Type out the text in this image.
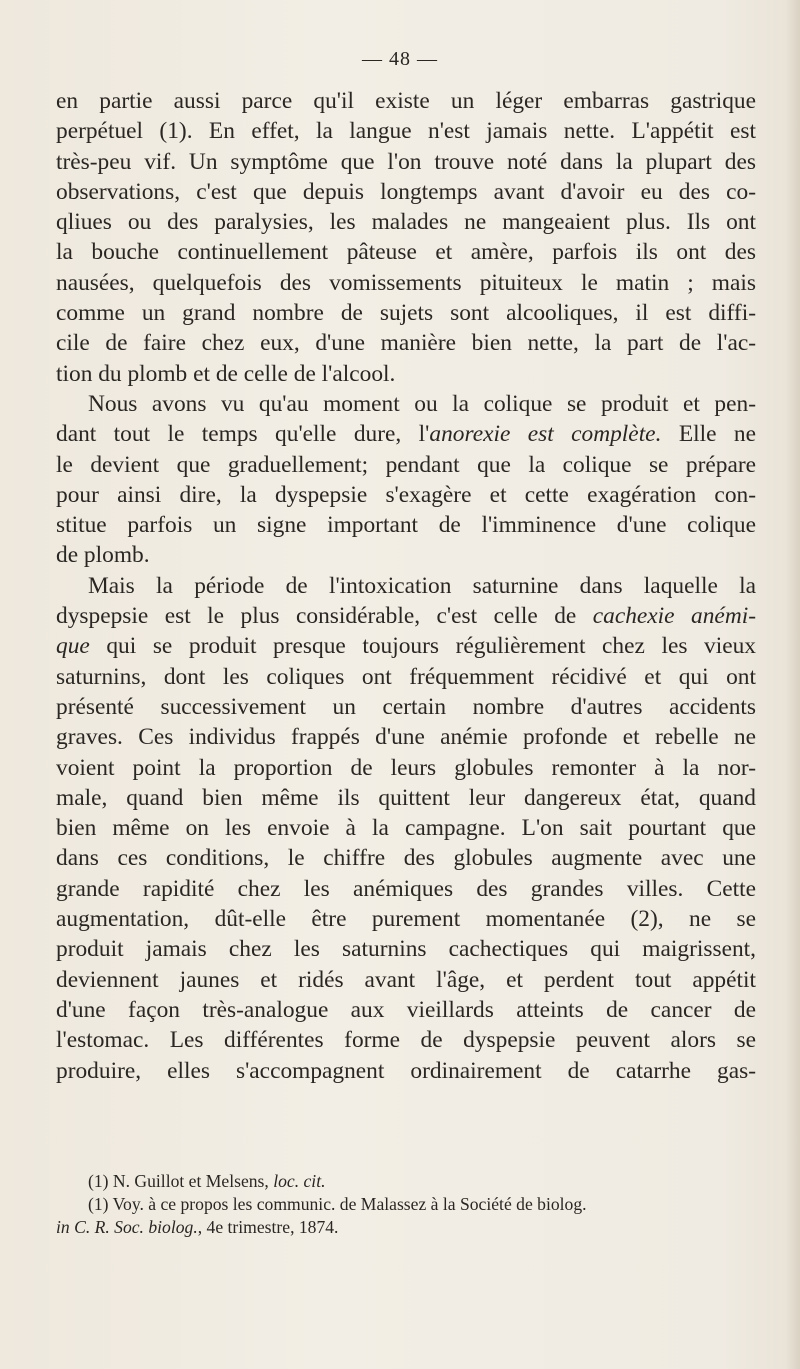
— 48 —
en partie aussi parce qu'il existe un léger embarras gastrique
perpétuel (1). En effet, la langue n'est jamais nette. L'appétit est
très-peu vif. Un symptôme que l'on trouve noté dans la plupart des
observations, c'est que depuis longtemps avant d'avoir eu des co-
qliues ou des paralysies, les malades ne mangeaient plus. Ils ont
la bouche continuellement pâteuse et amère, parfois ils ont des
nausées, quelquefois des vomissements pituiteux le matin ; mais
comme un grand nombre de sujets sont alcooliques, il est diffi-
cile de faire chez eux, d'une manière bien nette, la part de l'ac-
tion du plomb et de celle de l'alcool.
Nous avons vu qu'au moment ou la colique se produit et pen-
dant tout le temps qu'elle dure, l'anorexie est complète. Elle ne
le devient que graduellement; pendant que la colique se prépare
pour ainsi dire, la dyspepsie s'exagère et cette exagération con-
stitue parfois un signe important de l'imminence d'une colique
de plomb.
Mais la période de l'intoxication saturnine dans laquelle la
dyspepsie est le plus considérable, c'est celle de cachexie anémi-
que qui se produit presque toujours régulièrement chez les vieux
saturnins, dont les coliques ont fréquemment récidivé et qui ont
présenté successivement un certain nombre d'autres accidents
graves. Ces individus frappés d'une anémie profonde et rebelle ne
voient point la proportion de leurs globules remonter à la nor-
male, quand bien même ils quittent leur dangereux état, quand
bien même on les envoie à la campagne. L'on sait pourtant que
dans ces conditions, le chiffre des globules augmente avec une
grande rapidité chez les anémiques des grandes villes. Cette
augmentation, dût-elle être purement momentanée (2), ne se
produit jamais chez les saturnins cachectiques qui maigrissent,
deviennent jaunes et ridés avant l'âge, et perdent tout appétit
d'une façon très-analogue aux vieillards atteints de cancer de
l'estomac. Les différentes forme de dyspepsie peuvent alors se
produire, elles s'accompagnent ordinairement de catarrhe gas-
(1) N. Guillot et Melsens, loc. cit.
(1) Voy. à ce propos les communic. de Malassez à la Société de biolog.
in C. R. Soc. biolog., 4e trimestre, 1874.
